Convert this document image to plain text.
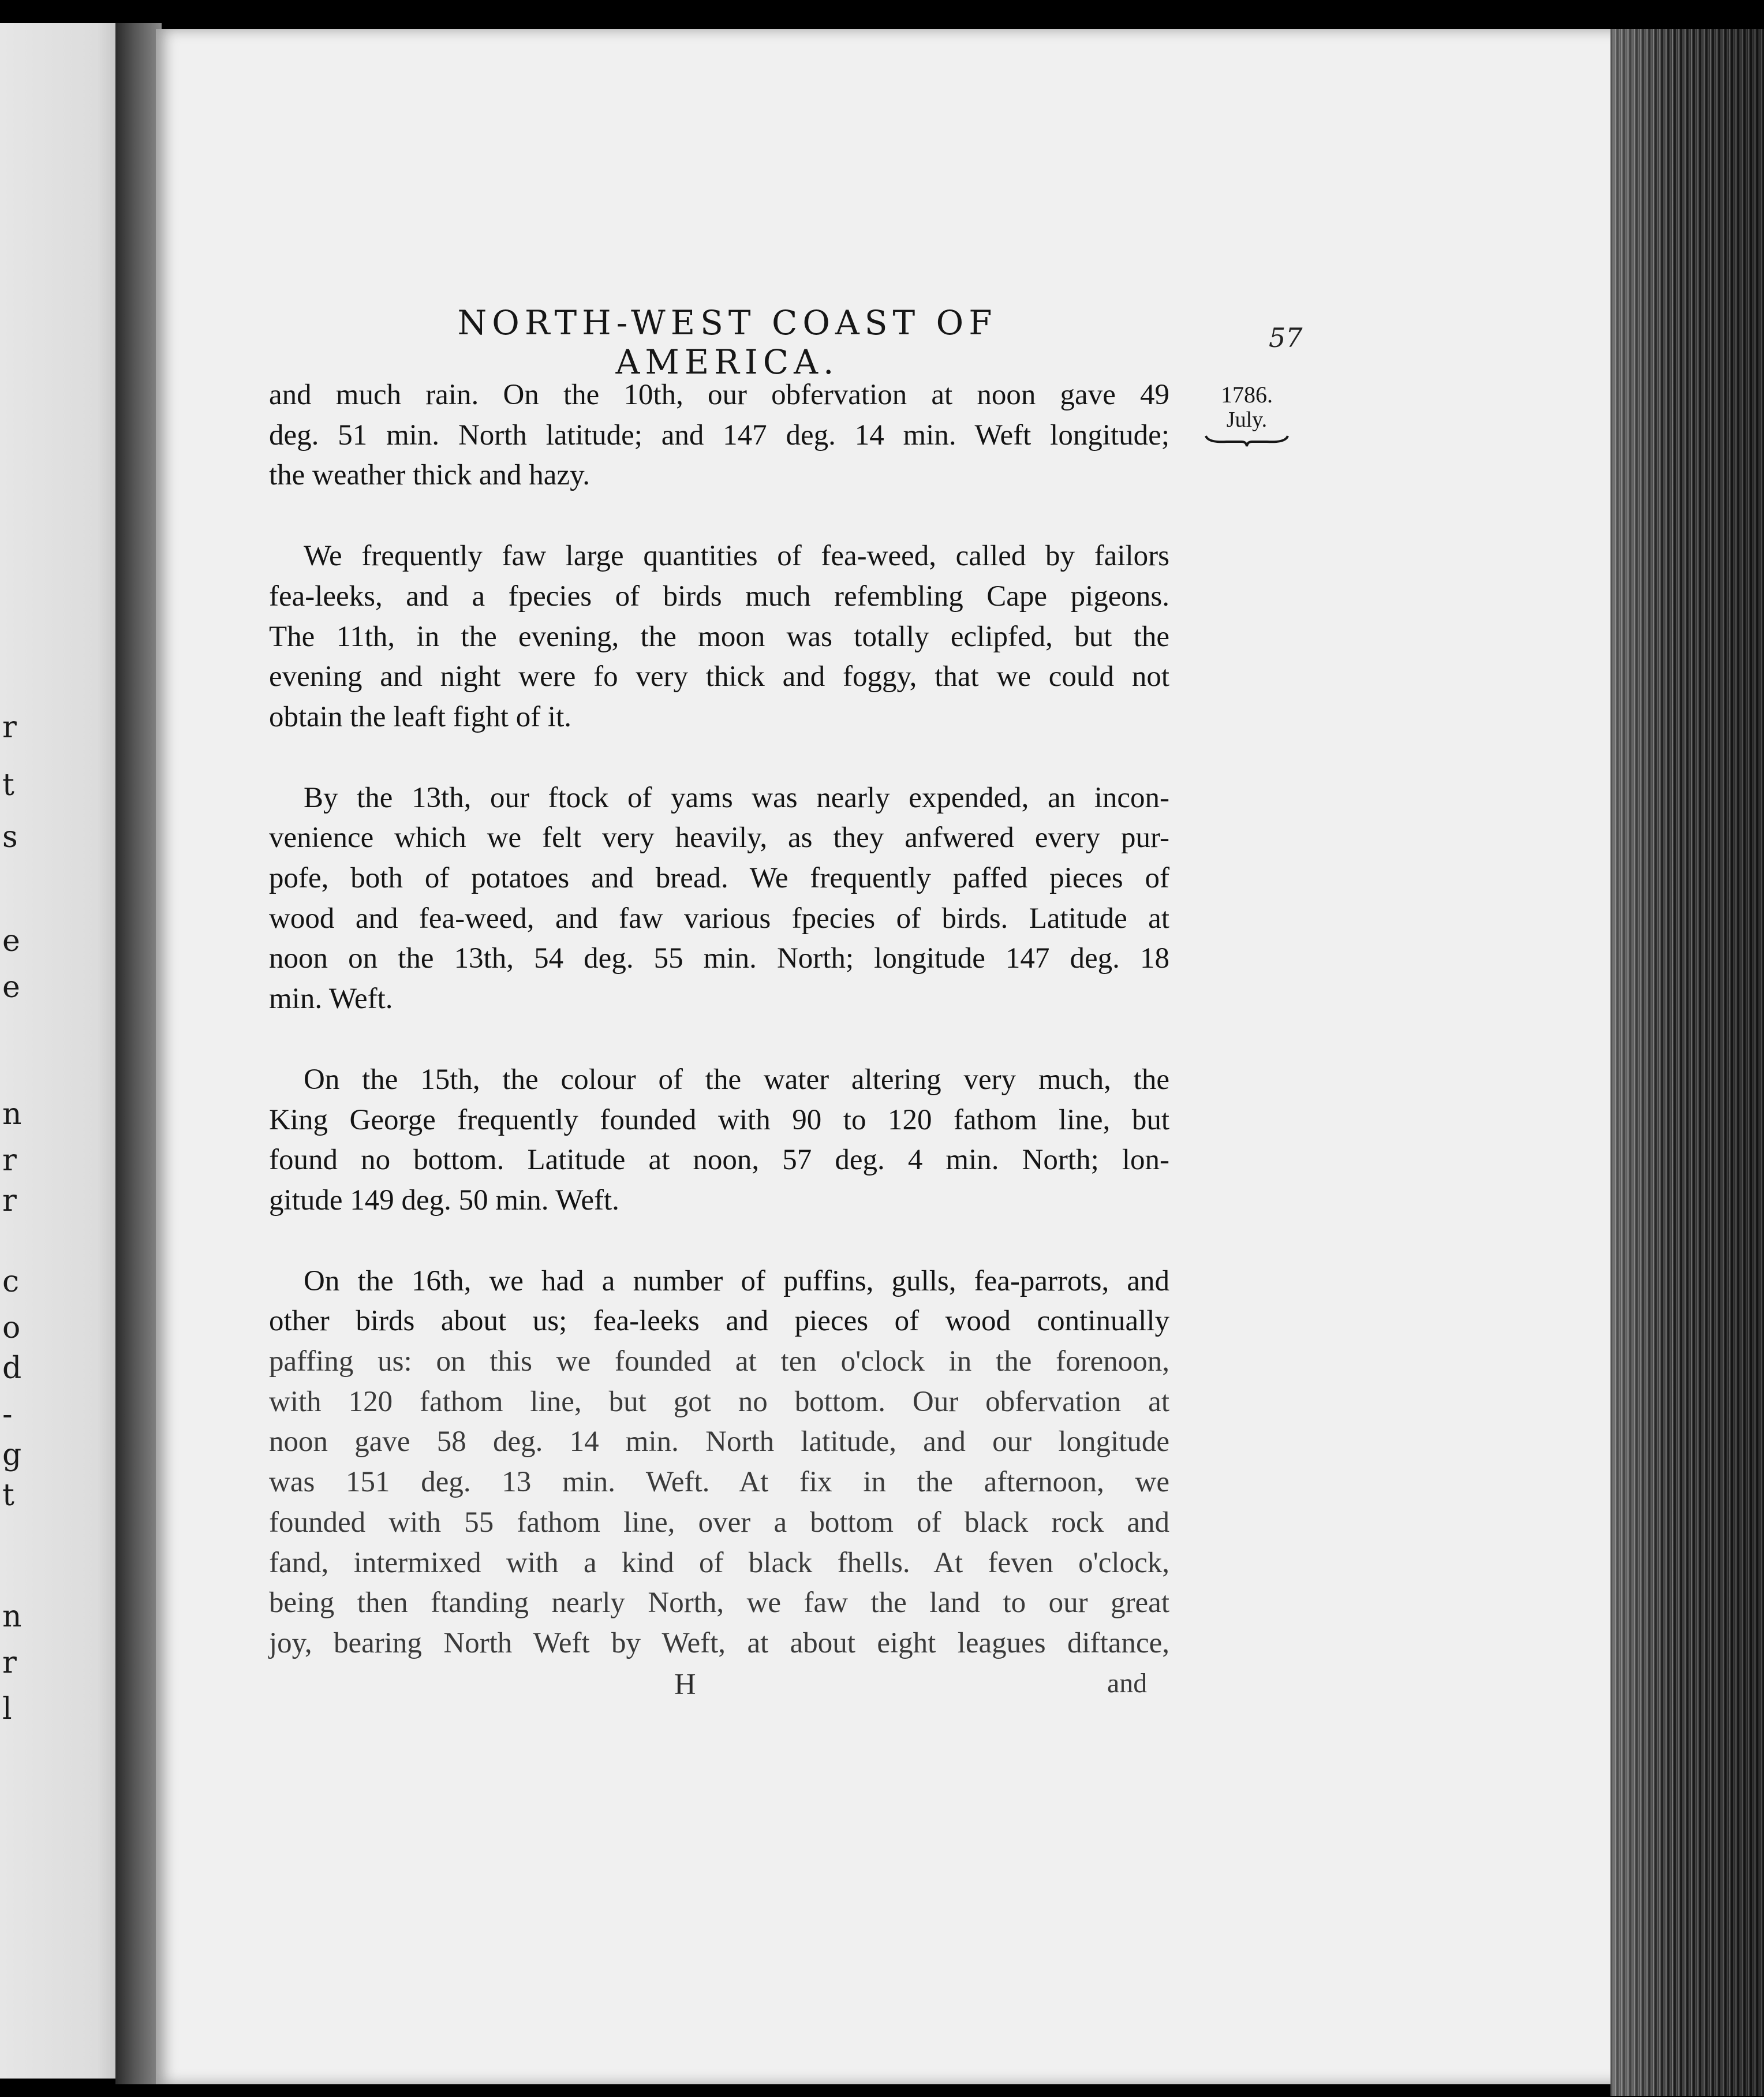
r
t
s
e
e
n
r
r
c
o
d
-
g
t
n
r
l
NORTH-WEST COAST OF AMERICA.
57
1786.
July.
and much rain. On the 10th, our obfervation at noon gave 49
deg. 51 min. North latitude; and 147 deg. 14 min. Weft longitude;
the weather thick and hazy.
We frequently faw large quantities of fea-weed, called by failors
fea-leeks, and a fpecies of birds much refembling Cape pigeons.
The 11th, in the evening, the moon was totally eclipfed, but the
evening and night were fo very thick and foggy, that we could not
obtain the leaft fight of it.
By the 13th, our ftock of yams was nearly expended, an incon-
venience which we felt very heavily, as they anfwered every pur-
pofe, both of potatoes and bread. We frequently paffed pieces of
wood and fea-weed, and faw various fpecies of birds. Latitude at
noon on the 13th, 54 deg. 55 min. North; longitude 147 deg. 18
min. Weft.
On the 15th, the colour of the water altering very much, the
King George frequently founded with 90 to 120 fathom line, but
found no bottom. Latitude at noon, 57 deg. 4 min. North; lon-
gitude 149 deg. 50 min. Weft.
On the 16th, we had a number of puffins, gulls, fea-parrots, and
other birds about us; fea-leeks and pieces of wood continually
paffing us: on this we founded at ten o'clock in the forenoon,
with 120 fathom line, but got no bottom. Our obfervation at
noon gave 58 deg. 14 min. North latitude, and our longitude
was 151 deg. 13 min. Weft. At fix in the afternoon, we
founded with 55 fathom line, over a bottom of black rock and
fand, intermixed with a kind of black fhells. At feven o'clock,
being then ftanding nearly North, we faw the land to our great
joy, bearing North Weft by Weft, at about eight leagues diftance,
H	and
